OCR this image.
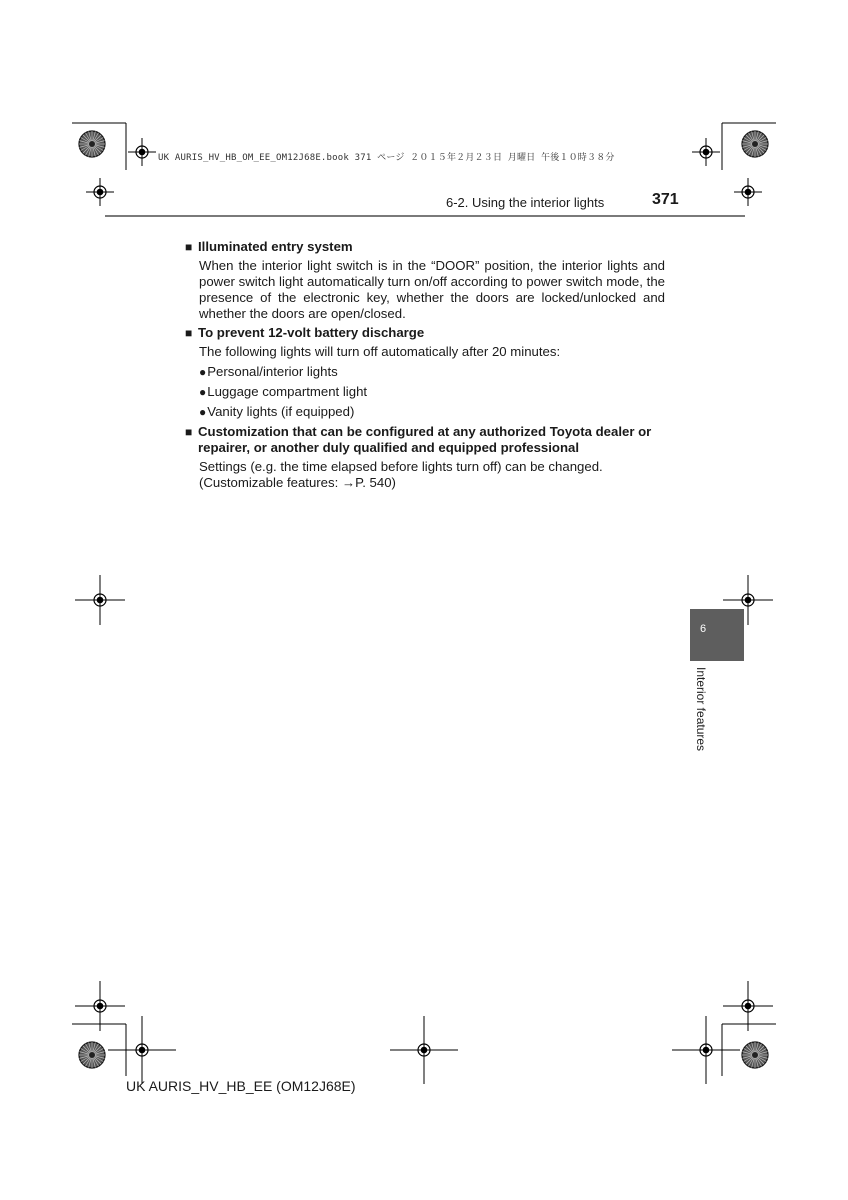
UK AURIS_HV_HB_OM_EE_OM12J68E.book 371 ページ ２０１５年２月２３日 月曜日 午後１０時３８分
6-2. Using the interior lights	371
■ Illuminated entry system
When the interior light switch is in the “DOOR” position, the interior lights and power switch light automatically turn on/off according to power switch mode, the presence of the electronic key, whether the doors are locked/unlocked and whether the doors are open/closed.
■ To prevent 12-volt battery discharge
The following lights will turn off automatically after 20 minutes:
●Personal/interior lights
●Luggage compartment light
●Vanity lights (if equipped)
■ Customization that can be configured at any authorized Toyota dealer or repairer, or another duly qualified and equipped professional
Settings (e.g. the time elapsed before lights turn off) can be changed.
(Customizable features: →P. 540)
6
Interior features
UK AURIS_HV_HB_EE (OM12J68E)
